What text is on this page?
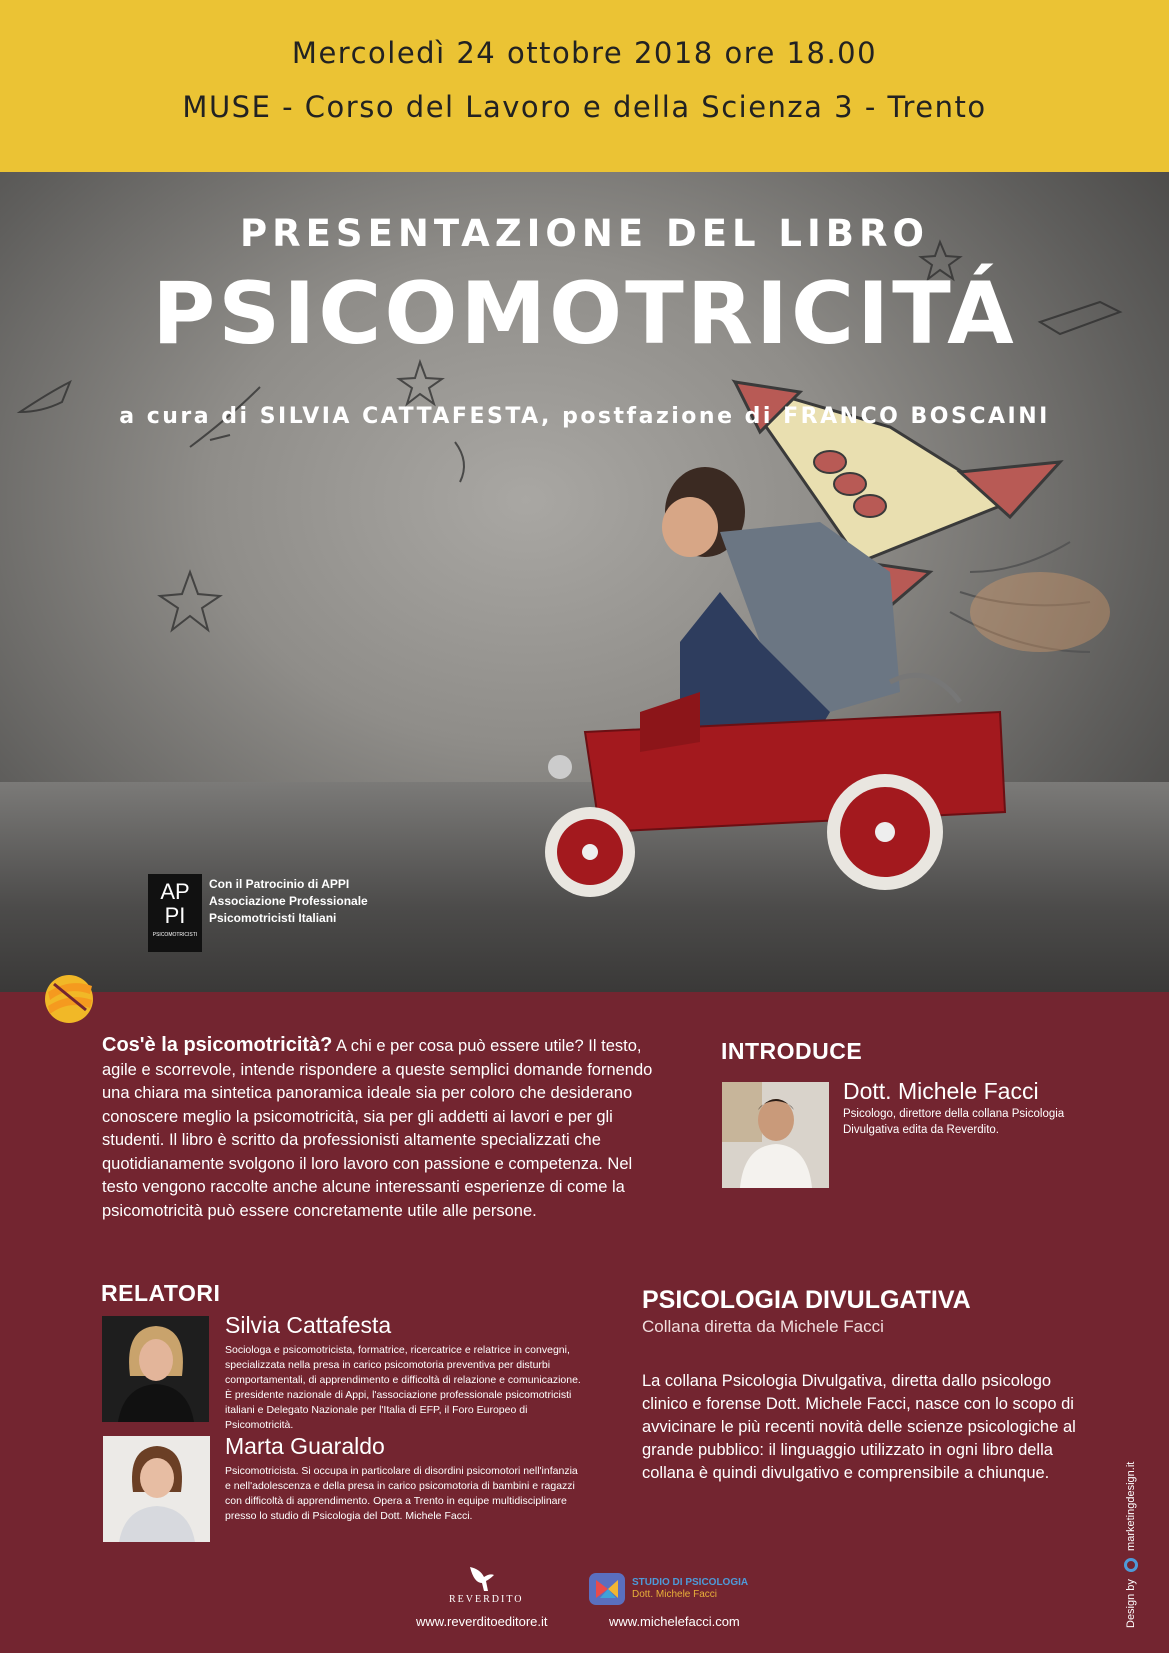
Mercoledì 24 ottobre 2018 ore 18.00
MUSE - Corso del Lavoro e della Scienza 3 - Trento
PRESENTAZIONE DEL LIBRO
PSICOMOTRICITÁ
a cura di SILVIA CATTAFESTA, postfazione di FRANCO BOSCAINI
AP
PI
PSICOMOTRICISTI
Con il Patrocinio di APPI
Associazione Professionale
Psicomotricisti Italiani
Cos'è la psicomotricità? A chi e per cosa può essere utile? Il testo, agile e scorrevole, intende rispondere a queste semplici domande fornendo una chiara ma sintetica panoramica ideale sia per coloro che desiderano conoscere meglio la psicomotricità, sia per gli addetti ai lavori e per gli studenti. Il libro è scritto da professionisti altamente specializzati che quotidianamente svolgono il loro lavoro con passione e competenza. Nel testo vengono raccolte anche alcune interessanti esperienze di come la psicomotricità può essere concretamente utile alle persone.
INTRODUCE
Dott. Michele Facci
Psicologo, direttore della collana Psicologia Divulgativa edita da Reverdito.
RELATORI
Silvia Cattafesta
Sociologa e psicomotricista, formatrice, ricercatrice e relatrice in convegni, specializzata nella presa in carico psicomotoria preventiva per disturbi comportamentali, di apprendimento e difficoltà di relazione e comunicazione. È presidente nazionale di Appi, l'associazione professionale psicomotricisti italiani e Delegato Nazionale per l'Italia di EFP, il Foro Europeo di Psicomotricità.
Marta Guaraldo
Psicomotricista. Si occupa in particolare di disordini psicomotori nell'infanzia e nell'adolescenza e della presa in carico psicomotoria di bambini e ragazzi con difficoltà di apprendimento. Opera a Trento in equipe multidisciplinare presso lo studio di Psicologia del Dott. Michele Facci.
PSICOLOGIA DIVULGATIVA
Collana diretta da Michele Facci
La collana Psicologia Divulgativa, diretta dallo psicologo clinico e forense Dott. Michele Facci, nasce con lo scopo di avvicinare le più recenti novità delle scienze psicologiche al grande pubblico: il linguaggio utilizzato in ogni libro della collana è quindi divulgativo e comprensibile a chiunque.
REVERDITO
www.reverditoeditore.it
STUDIO DI PSICOLOGIA
Dott. Michele Facci
www.michelefacci.com	Design by  marketingdesign.it
